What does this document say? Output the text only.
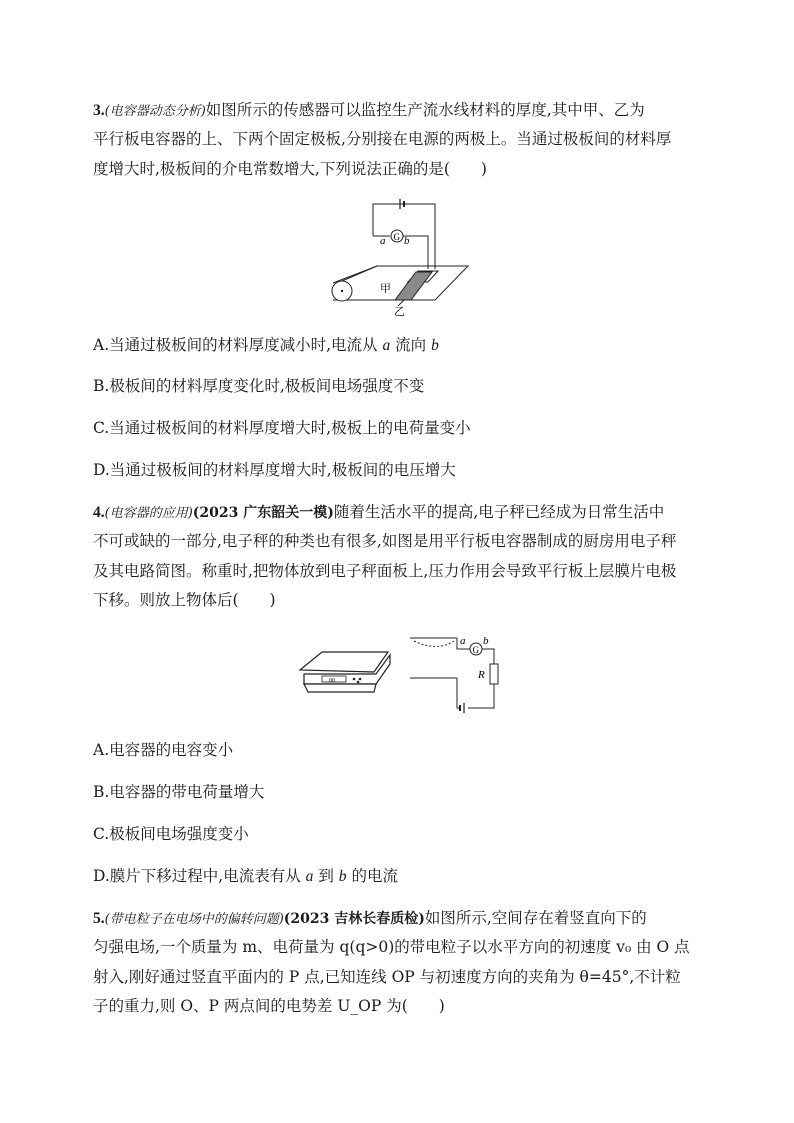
3.(电容器动态分析)如图所示的传感器可以监控生产流水线材料的厚度,其中甲、乙为
平行板电容器的上、下两个固定极板,分别接在电源的两极上。当通过极板间的材料厚
度增大时,极板间的介电常数增大,下列说法正确的是(　　)
G
a b
甲
乙
A.当通过极板间的材料厚度减小时,电流从 a 流向 b
B.极板间的材料厚度变化时,极板间电场强度不变
C.当通过极板间的材料厚度增大时,极板上的电荷量变小
D.当通过极板间的材料厚度增大时,极板间的电压增大
4.(电容器的应用)(2023 广东韶关一模)随着生活水平的提高,电子秤已经成为日常生活中
不可或缺的一部分,电子秤的种类也有很多,如图是用平行板电容器制成的厨房用电子秤
及其电路简图。称重时,把物体放到电子秤面板上,压力作用会导致平行板上层膜片电极
下移。则放上物体后(　　)
00
G
a b
R
A.电容器的电容变小
B.电容器的带电荷量增大
C.极板间电场强度变小
D.膜片下移过程中,电流表有从 a 到 b 的电流
5.(带电粒子在电场中的偏转问题)(2023 吉林长春质检)如图所示,空间存在着竖直向下的
匀强电场,一个质量为 m、电荷量为 q(q>0)的带电粒子以水平方向的初速度 v₀ 由 O 点
射入,刚好通过竖直平面内的 P 点,已知连线 OP 与初速度方向的夹角为 θ=45°,不计粒
子的重力,则 O、P 两点间的电势差 U_OP 为(　　)
